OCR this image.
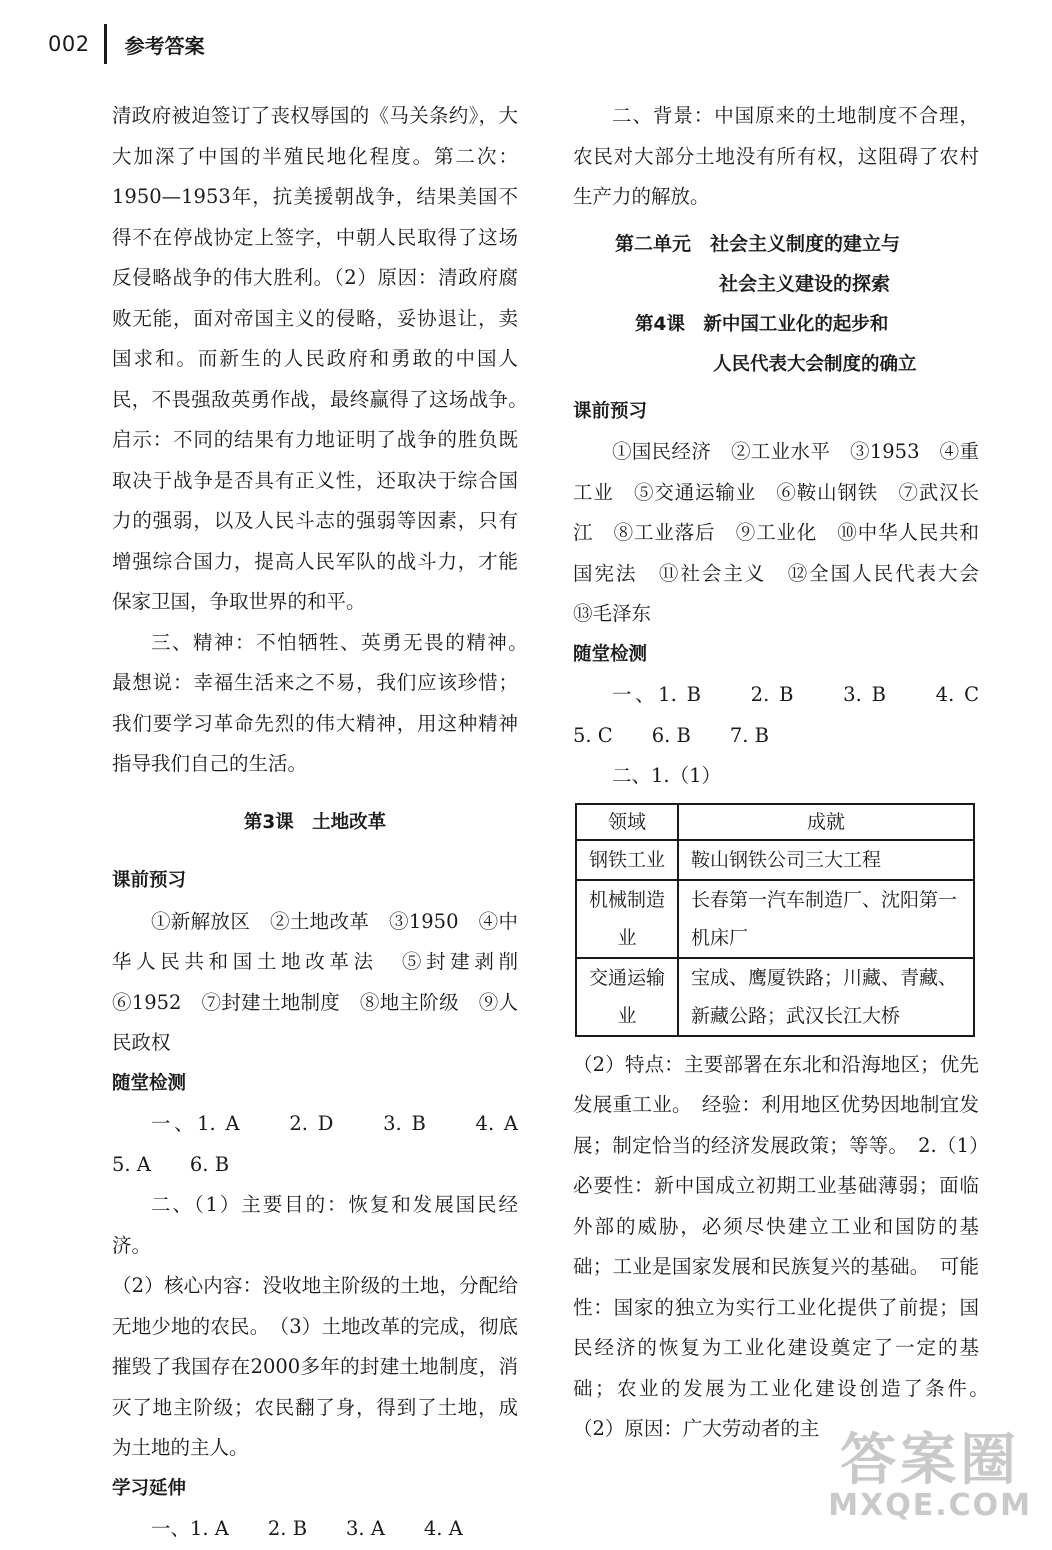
002 参考答案

清政府被迫签订了丧权辱国的《马关条约》，大大加深了中国的半殖民地化程度。第二次：1950—1953年，抗美援朝战争，结果美国不得不在停战协定上签字，中朝人民取得了这场反侵略战争的伟大胜利。（2）原因：清政府腐败无能，面对帝国主义的侵略，妥协退让，卖国求和。而新生的人民政府和勇敢的中国人民，不畏强敌英勇作战，最终赢得了这场战争。　启示：不同的结果有力地证明了战争的胜负既取决于战争是否具有正义性，还取决于综合国力的强弱，以及人民斗志的强弱等因素，只有增强综合国力，提高人民军队的战斗力，才能保家卫国，争取世界的和平。

三、精神：不怕牺牲、英勇无畏的精神。　最想说：幸福生活来之不易，我们应该珍惜；我们要学习革命先烈的伟大精神，用这种精神指导我们自己的生活。

第3课　土地改革

课前预习

①新解放区　②土地改革　③1950　④中华人民共和国土地改革法　⑤封建剥削　⑥1952　⑦封建土地制度　⑧地主阶级　⑨人民政权

随堂检测

一、1. A　　2. D　　3. B　　4. A　　5. A　　6. B

二、（1）主要目的：恢复和发展国民经济。

（2）核心内容：没收地主阶级的土地，分配给无地少地的农民。　（3）土地改革的完成，彻底摧毁了我国存在2000多年的封建土地制度，消灭了地主阶级；农民翻了身，得到了土地，成为土地的主人。

学习延伸

一、1. A　　2. B　　3. A　　4. A

二、背景：中国原来的土地制度不合理，农民对大部分土地没有所有权，这阻碍了农村生产力的解放。

第二单元　社会主义制度的建立与

社会主义建设的探索

第4课　新中国工业化的起步和

人民代表大会制度的确立

课前预习

①国民经济　②工业水平　③1953　④重工业　⑤交通运输业　⑥鞍山钢铁　⑦武汉长江　⑧工业落后　⑨工业化　⑩中华人民共和国宪法　⑪社会主义　⑫全国人民代表大会　⑬毛泽东

随堂检测

一、1. B　　2. B　　3. B　　4. C　　5. C　　6. B　　7. B

二、1.（1）

领域	成就
钢铁工业	鞍山钢铁公司三大工程
机械制造业	长春第一汽车制造厂、沈阳第一机床厂
交通运输业	宝成、鹰厦铁路；川藏、青藏、新藏公路；武汉长江大桥

（2）特点：主要部署在东北和沿海地区；优先发展重工业。　经验：利用地区优势因地制宜发展；制定恰当的经济发展政策；等等。　2.（1）必要性：新中国成立初期工业基础薄弱；面临外部的威胁，必须尽快建立工业和国防的基础；工业是国家发展和民族复兴的基础。　可能性：国家的独立为实行工业化提供了前提；国民经济的恢复为工业化建设奠定了一定的基础；农业的发展为工业化建设创造了条件。　（2）原因：广大劳动者的主 答案圈
MXQE.COM
